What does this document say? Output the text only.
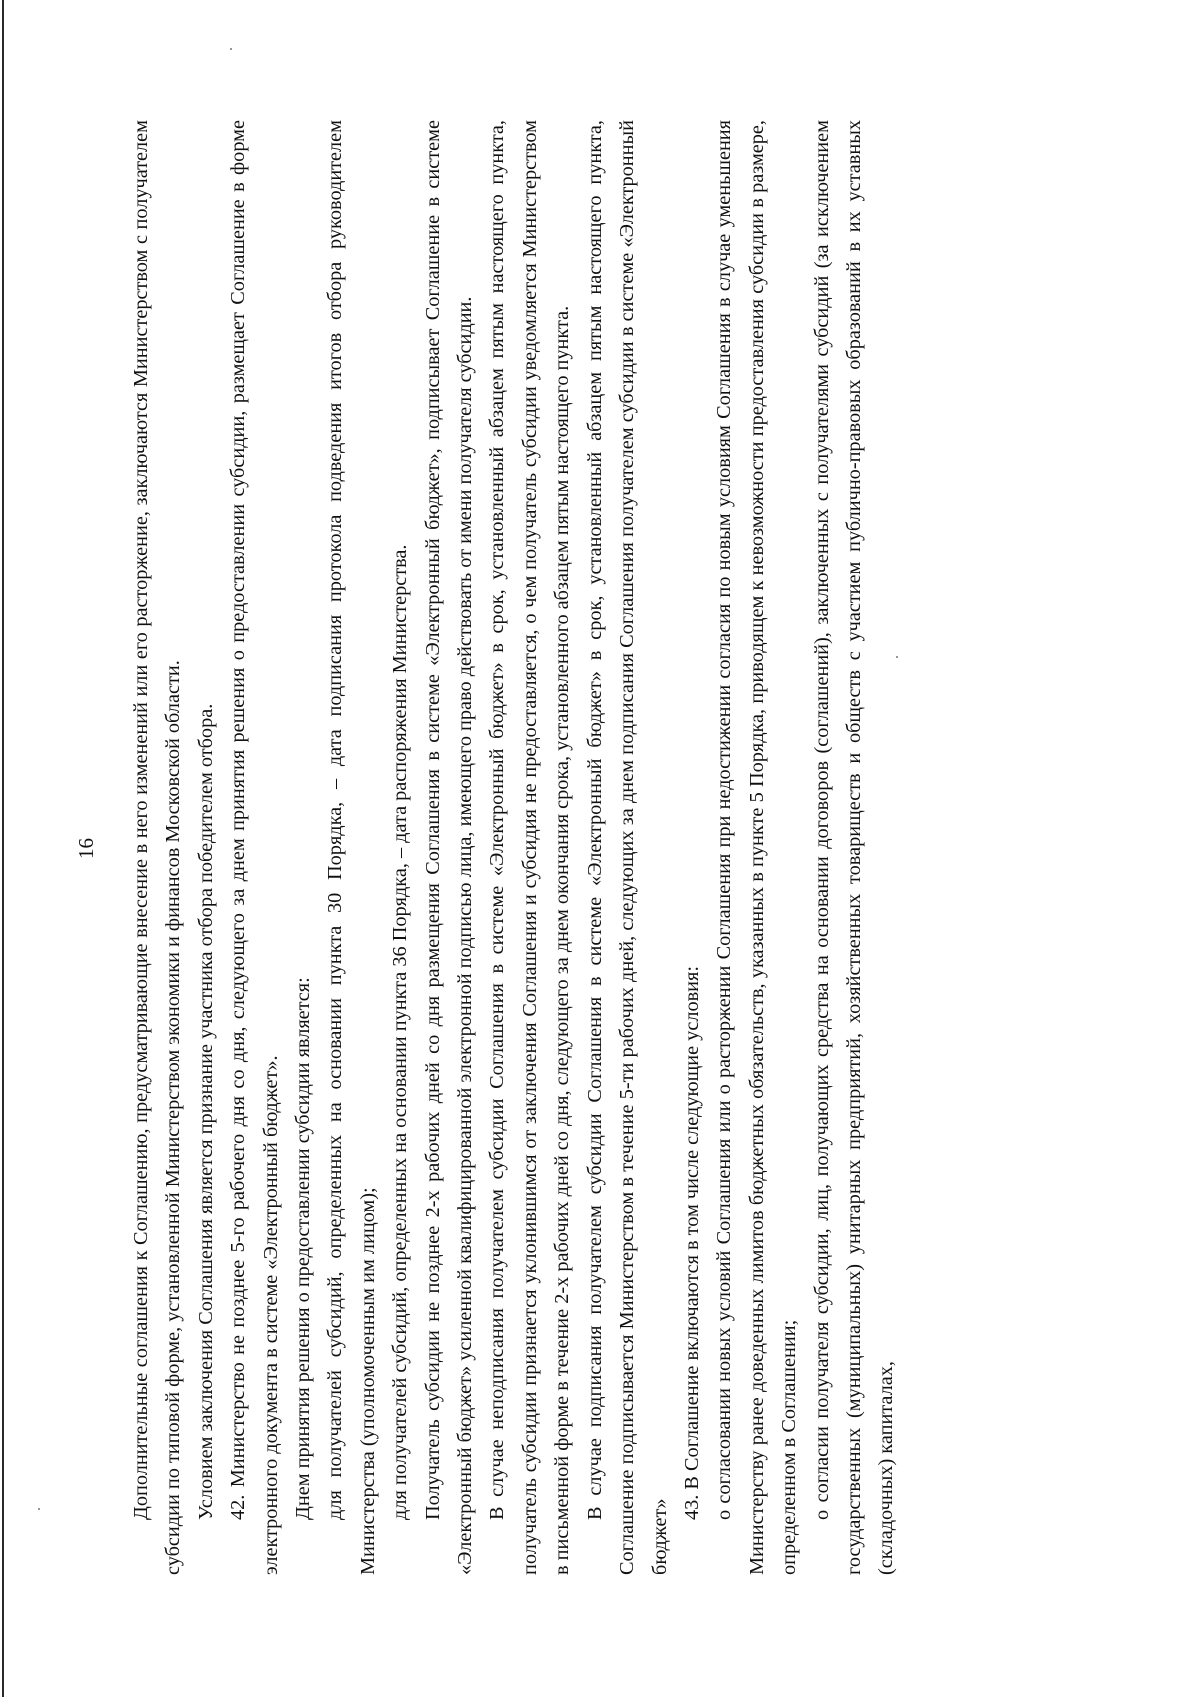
16 Дополнительные соглашения к Соглашению, предусматривающие внесение в него изменений или его расторжение, заключаются Министерством с получателем субсидии по типовой форме, установленной Министерством экономики и финансов Московской области. Условием заключения Соглашения является признание участника отбора победителем отбора. 42. Министерство не позднее 5-го рабочего дня со дня, следующего за днем принятия решения о предоставлении субсидии, размещает Соглашение в форме электронного документа в системе «Электронный бюджет». Днем принятия решения о предоставлении субсидии является: для получателей субсидий, определенных на основании пункта 30 Порядка, – дата подписания протокола подведения итогов отбора руководителем Министерства (уполномоченным им лицом); для получателей субсидий, определенных на основании пункта 36 Порядка, – дата распоряжения Министерства. Получатель субсидии не позднее 2-х рабочих дней со дня размещения Соглашения в системе «Электронный бюджет», подписывает Соглашение в системе «Электронный бюджет» усиленной квалифицированной электронной подписью лица, имеющего право действовать от имени получателя субсидии. В случае неподписания получателем субсидии Соглашения в системе «Электронный бюджет» в срок, установленный абзацем пятым настоящего пункта, получатель субсидии признается уклонившимся от заключения Соглашения и субсидия не предоставляется, о чем получатель субсидии уведомляется Министерством в письменной форме в течение 2-х рабочих дней со дня, следующего за днем окончания срока, установленного абзацем пятым настоящего пункта. В случае подписания получателем субсидии Соглашения в системе «Электронный бюджет» в срок, установленный абзацем пятым настоящего пункта, Соглашение подписывается Министерством в течение 5-ти рабочих дней, следующих за днем подписания Соглашения получателем субсидии в системе «Электронный бюджет»

43. В Соглашение включаются в том числе следующие условия: о согласовании новых условий Соглашения или о расторжении Соглашения при недостижении согласия по новым условиям Соглашения в случае уменьшения Министерству ранее доведенных лимитов бюджетных обязательств, указанных в пункте 5 Порядка, приводящем к невозможности предоставления субсидии в размере, определенном в Соглашении; о согласии получателя субсидии, лиц, получающих средства на основании договоров (соглашений), заключенных с получателями субсидий (за исключением государственных (муниципальных) унитарных предприятий, хозяйственных товариществ и обществ с участием публично-правовых образований в их уставных (складочных) капиталах,
